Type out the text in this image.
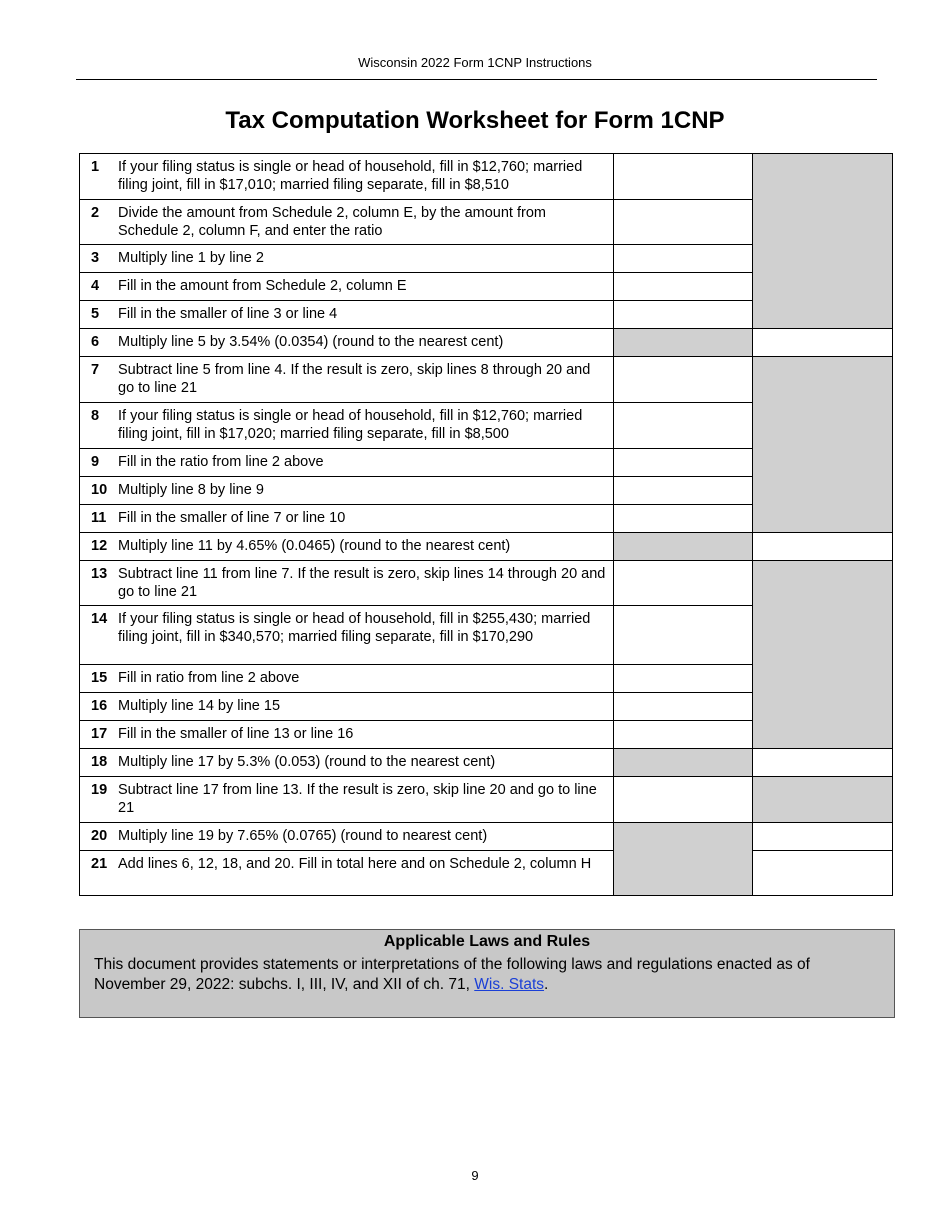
Wisconsin 2022 Form 1CNP Instructions
Tax Computation Worksheet for Form 1CNP
1 If your filing status is single or head of household, fill in $12,760; married filing joint, fill in $17,010; married filing separate, fill in $8,510		

2 Divide the amount from Schedule 2, column E, by the amount from Schedule 2, column F, and enter the ratio		

3 Multiply line 1 by line 2		

4 Fill in the amount from Schedule 2, column E		

5 Fill in the smaller of line 3 or line 4		

6 Multiply line 5 by 3.54% (0.0354) (round to the nearest cent)		

7 Subtract line 5 from line 4. If the result is zero, skip lines 8 through 20 and go to line 21		

8 If your filing status is single or head of household, fill in $12,760; married filing joint, fill in $17,020; married filing separate, fill in $8,500		

9 Fill in the ratio from line 2 above		

10 Multiply line 8 by line 9		

11 Fill in the smaller of line 7 or line 10		

12 Multiply line 11 by 4.65% (0.0465) (round to the nearest cent)		

13 Subtract line 11 from line 7. If the result is zero, skip lines 14 through 20 and go to line 21		

14 If your filing status is single or head of household, fill in $255,430; married filing joint, fill in $340,570; married filing separate, fill in $170,290		

15 Fill in ratio from line 2 above		

16 Multiply line 14 by line 15		

17 Fill in the smaller of line 13 or line 16		

18 Multiply line 17 by 5.3% (0.053) (round to the nearest cent)		

19 Subtract line 17 from line 13. If the result is zero, skip line 20 and go to line 21		

20 Multiply line 19 by 7.65% (0.0765) (round to nearest cent)		

21 Add lines 6, 12, 18, and 20. Fill in total here and on Schedule 2, column H		

Applicable Laws and Rules
This document provides statements or interpretations of the following laws and regulations enacted as of November 29, 2022: subchs. I, III, IV, and XII of ch. 71, Wis. Stats.
9
